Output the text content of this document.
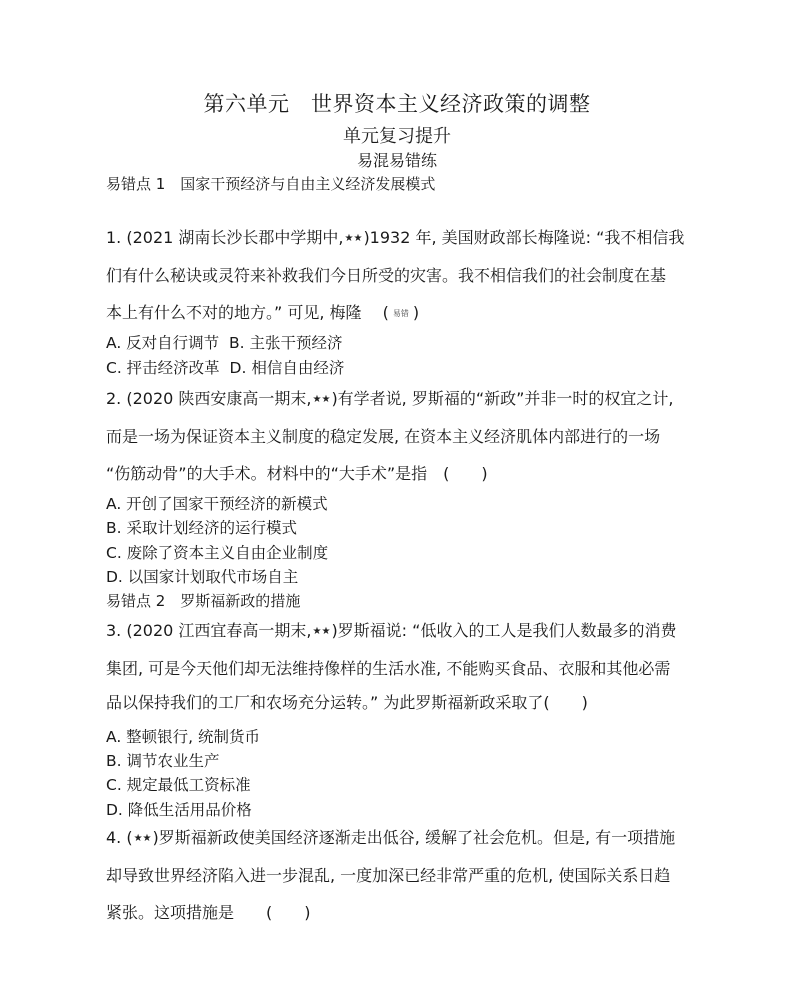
第六单元　世界资本主义经济政策的调整
单元复习提升
易混易错练
易错点 1　国家干预经济与自由主义经济发展模式
1. (2021 湖南长沙长郡中学期中,★★)1932 年, 美国财政部长梅隆说: “我不相信我
们有什么秘诀或灵符来补救我们今日所受的灾害。我不相信我们的社会制度在基
本上有什么不对的地方。” 可见, 梅隆　 ( 易错 )
A. 反对自行调节 B. 主张干预经济
C. 抨击经济改革 D. 相信自由经济
2. (2020 陕西安康高一期末,★★)有学者说, 罗斯福的“新政”并非一时的权宜之计,
而是一场为保证资本主义制度的稳定发展, 在资本主义经济肌体内部进行的一场
“伤筋动骨”的大手术。材料中的“大手术”是指　(　　)
A. 开创了国家干预经济的新模式
B. 采取计划经济的运行模式
C. 废除了资本主义自由企业制度
D. 以国家计划取代市场自主
易错点 2　罗斯福新政的措施
3. (2020 江西宜春高一期末,★★)罗斯福说: “低收入的工人是我们人数最多的消费
集团, 可是今天他们却无法维持像样的生活水准, 不能购买食品、衣服和其他必需
品以保持我们的工厂和农场充分运转。” 为此罗斯福新政采取了(　　)
A. 整顿银行, 统制货币
B. 调节农业生产
C. 规定最低工资标准
D. 降低生活用品价格
4. (★★)罗斯福新政使美国经济逐渐走出低谷, 缓解了社会危机。但是, 有一项措施
却导致世界经济陷入进一步混乱, 一度加深已经非常严重的危机, 使国际关系日趋
紧张。这项措施是　　(　　)
